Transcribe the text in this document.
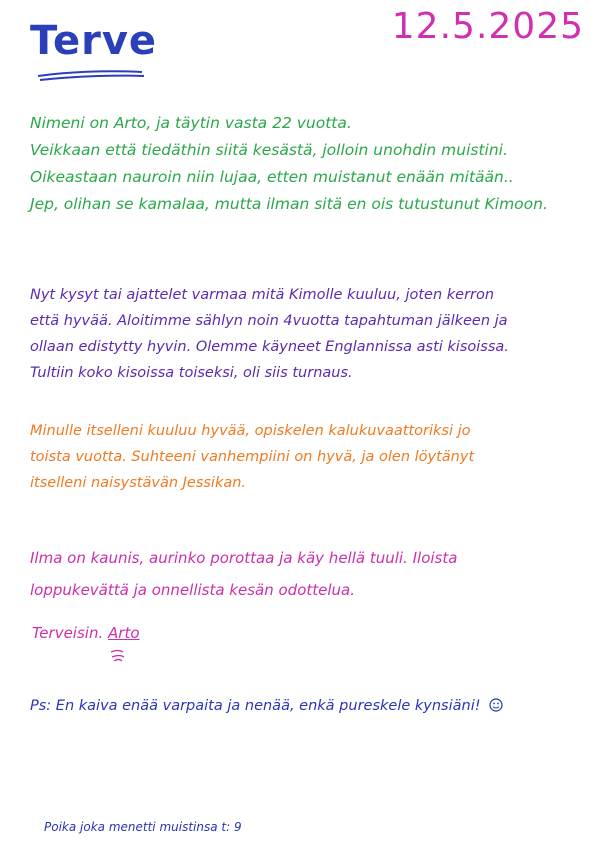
Terve	12.5.2025
Nimeni on Arto, ja täytin vasta 22 vuotta.
Veikkaan että tiedäthin siitä kesästä, jolloin unohdin muistini.
Oikeastaan nauroin niin lujaa, etten muistanut enään mitään..
Jep, olihan se kamalaa, mutta ilman sitä en ois tutustunut Kimoon.
Nyt kysyt tai ajattelet varmaa mitä Kimolle kuuluu, joten kerron
että hyvää. Aloitimme sählyn noin 4vuotta tapahtuman jälkeen ja
ollaan edistytty hyvin. Olemme käyneet Englannissa asti kisoissa.
Tultiin koko kisoissa toiseksi, oli siis turnaus.
Minulle itselleni kuuluu hyvää, opiskelen kalukuvaattoriksi jo
toista vuotta. Suhteeni vanhempiini on hyvä, ja olen löytänyt
itselleni naisystävän Jessikan.
Ilma on kaunis, aurinko porottaa ja käy hellä tuuli. Iloista
loppukevättä ja onnellista kesän odottelua.
Terveisin. Arto
Ps: En kaiva enää varpaita ja nenää, enkä pureskele kynsiäni!
Poika joka menetti muistinsa t: 9
